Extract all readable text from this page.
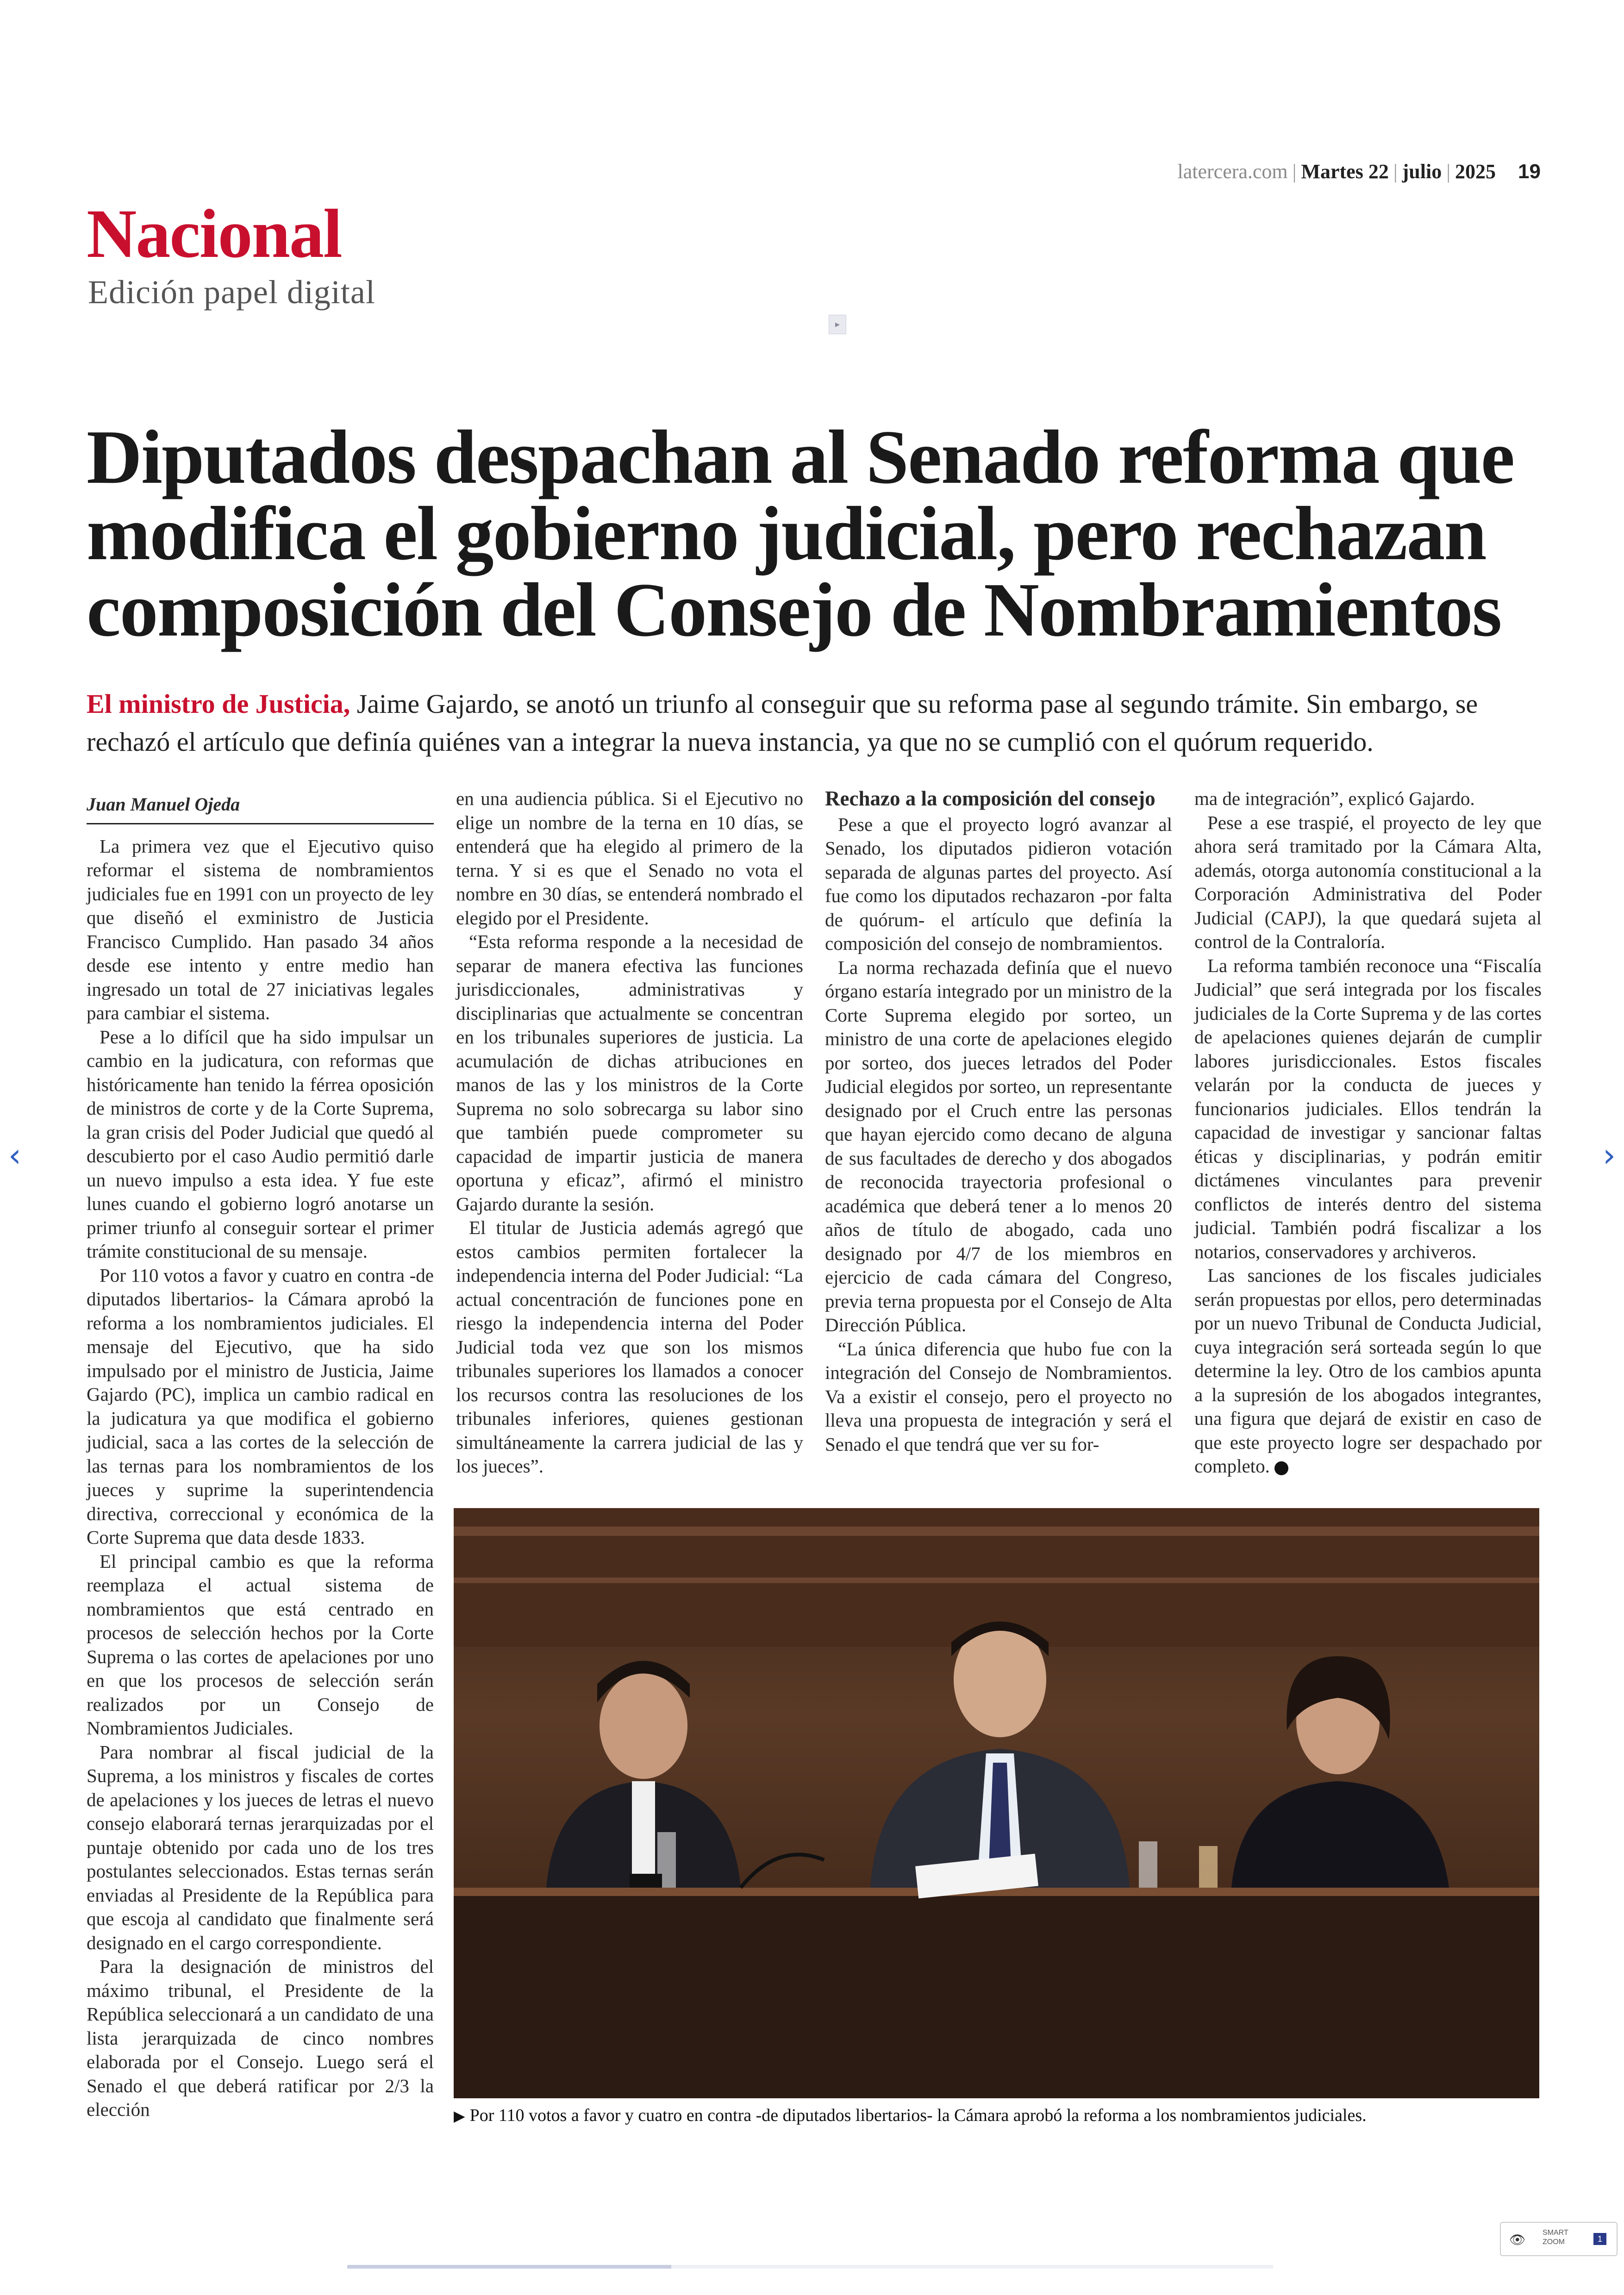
latercera.com | Martes 22 | julio | 2025 19
Nacional
Edición papel digital
▸
Diputados despachan al Senado reforma que modifica el gobierno judicial, pero rechazan composición del Consejo de Nombramientos

El ministro de Justicia, Jaime Gajardo, se anotó un triunfo al conseguir que su reforma pase al segundo trámite. Sin embargo, se rechazó el artículo que definía quiénes van a integrar la nueva instancia, ya que no se cumplió con el quórum requerido.

Juan Manuel Ojeda

La primera vez que el Ejecutivo quiso reformar el sistema de nombramientos judiciales fue en 1991 con un proyecto de ley que diseñó el exministro de Justicia Francisco Cumplido. Han pasado 34 años desde ese intento y entre medio han ingresado un total de 27 iniciativas legales para cambiar el sistema.

Pese a lo difícil que ha sido impulsar un cambio en la judicatura, con reformas que históricamente han tenido la férrea oposición de ministros de corte y de la Corte Suprema, la gran crisis del Poder Judicial que quedó al descubierto por el caso Audio permitió darle un nuevo impulso a esta idea. Y fue este lunes cuando el gobierno logró anotarse un primer triunfo al conseguir sortear el primer trámite constitucional de su mensaje.

Por 110 votos a favor y cuatro en contra -de diputados libertarios- la Cámara aprobó la reforma a los nombramientos judiciales. El mensaje del Ejecutivo, que ha sido impulsado por el ministro de Justicia, Jaime Gajardo (PC), implica un cambio radical en la judicatura ya que modifica el gobierno judicial, saca a las cortes de la selección de las ternas para los nombramientos de los jueces y suprime la superintendencia directiva, correccional y económica de la Corte Suprema que data desde 1833.

El principal cambio es que la reforma reemplaza el actual sistema de nombramientos que está centrado en procesos de selección hechos por la Corte Suprema o las cortes de apelaciones por uno en que los procesos de selección serán realizados por un Consejo de Nombramientos Judiciales.

Para nombrar al fiscal judicial de la Suprema, a los ministros y fiscales de cortes de apelaciones y los jueces de letras el nuevo consejo elaborará ternas jerarquizadas por el puntaje obtenido por cada uno de los tres postulantes seleccionados. Estas ternas serán enviadas al Presidente de la República para que escoja al candidato que finalmente será designado en el cargo correspondiente.

Para la designación de ministros del máximo tribunal, el Presidente de la República seleccionará a un candidato de una lista jerarquizada de cinco nombres elaborada por el Consejo. Luego será el Senado el que deberá ratificar por 2/3 la elección

en una audiencia pública. Si el Ejecutivo no elige un nombre de la terna en 10 días, se entenderá que ha elegido al primero de la terna. Y si es que el Senado no vota el nombre en 30 días, se entenderá nombrado el elegido por el Presidente.

“Esta reforma responde a la necesidad de separar de manera efectiva las funciones jurisdiccionales, administrativas y disciplinarias que actualmente se concentran en los tribunales superiores de justicia. La acumulación de dichas atribuciones en manos de las y los ministros de la Corte Suprema no solo sobrecarga su labor sino que también puede comprometer su capacidad de impartir justicia de manera oportuna y eficaz”, afirmó el ministro Gajardo durante la sesión.

El titular de Justicia además agregó que estos cambios permiten fortalecer la independencia interna del Poder Judicial: “La actual concentración de funciones pone en riesgo la independencia interna del Poder Judicial toda vez que son los mismos tribunales superiores los llamados a conocer los recursos contra las resoluciones de los tribunales inferiores, quienes gestionan simultáneamente la carrera judicial de las y los jueces”.

Rechazo a la composición del consejo

Pese a que el proyecto logró avanzar al Senado, los diputados pidieron votación separada de algunas partes del proyecto. Así fue como los diputados rechazaron -por falta de quórum- el artículo que definía la composición del consejo de nombramientos.

La norma rechazada definía que el nuevo órgano estaría integrado por un ministro de la Corte Suprema elegido por sorteo, un ministro de una corte de apelaciones elegido por sorteo, dos jueces letrados del Poder Judicial elegidos por sorteo, un representante designado por el Cruch entre las personas que hayan ejercido como decano de alguna de sus facultades de derecho y dos abogados de reconocida trayectoria profesional o académica que deberá tener a lo menos 20 años de título de abogado, cada uno designado por 4/7 de los miembros en ejercicio de cada cámara del Congreso, previa terna propuesta por el Consejo de Alta Dirección Pública.

“La única diferencia que hubo fue con la integración del Consejo de Nombramientos. Va a existir el consejo, pero el proyecto no lleva una propuesta de integración y será el Senado el que tendrá que ver su for-

ma de integración”, explicó Gajardo.

Pese a ese traspié, el proyecto de ley que ahora será tramitado por la Cámara Alta, además, otorga autonomía constitucional a la Corporación Administrativa del Poder Judicial (CAPJ), la que quedará sujeta al control de la Contraloría.

La reforma también reconoce una “Fiscalía Judicial” que será integrada por los fiscales judiciales de la Corte Suprema y de las cortes de apelaciones quienes dejarán de cumplir labores jurisdiccionales. Estos fiscales velarán por la conducta de jueces y funcionarios judiciales. Ellos tendrán la capacidad de investigar y sancionar faltas éticas y disciplinarias, y podrán emitir dictámenes vinculantes para prevenir conflictos de interés dentro del sistema judicial. También podrá fiscalizar a los notarios, conservadores y archiveros.

Las sanciones de los fiscales judiciales serán propuestas por ellos, pero determinadas por un nuevo Tribunal de Conducta Judicial, cuya integración será sorteada según lo que determine la ley. Otro de los cambios apunta a la supresión de los abogados integrantes, una figura que dejará de existir en caso de que este proyecto logre ser despachado por completo.

▶ Por 110 votos a favor y cuatro en contra -de diputados libertarios- la Cámara aprobó la reforma a los nombramientos judiciales.
‹	›
👁 SMART
ZOOM	1
